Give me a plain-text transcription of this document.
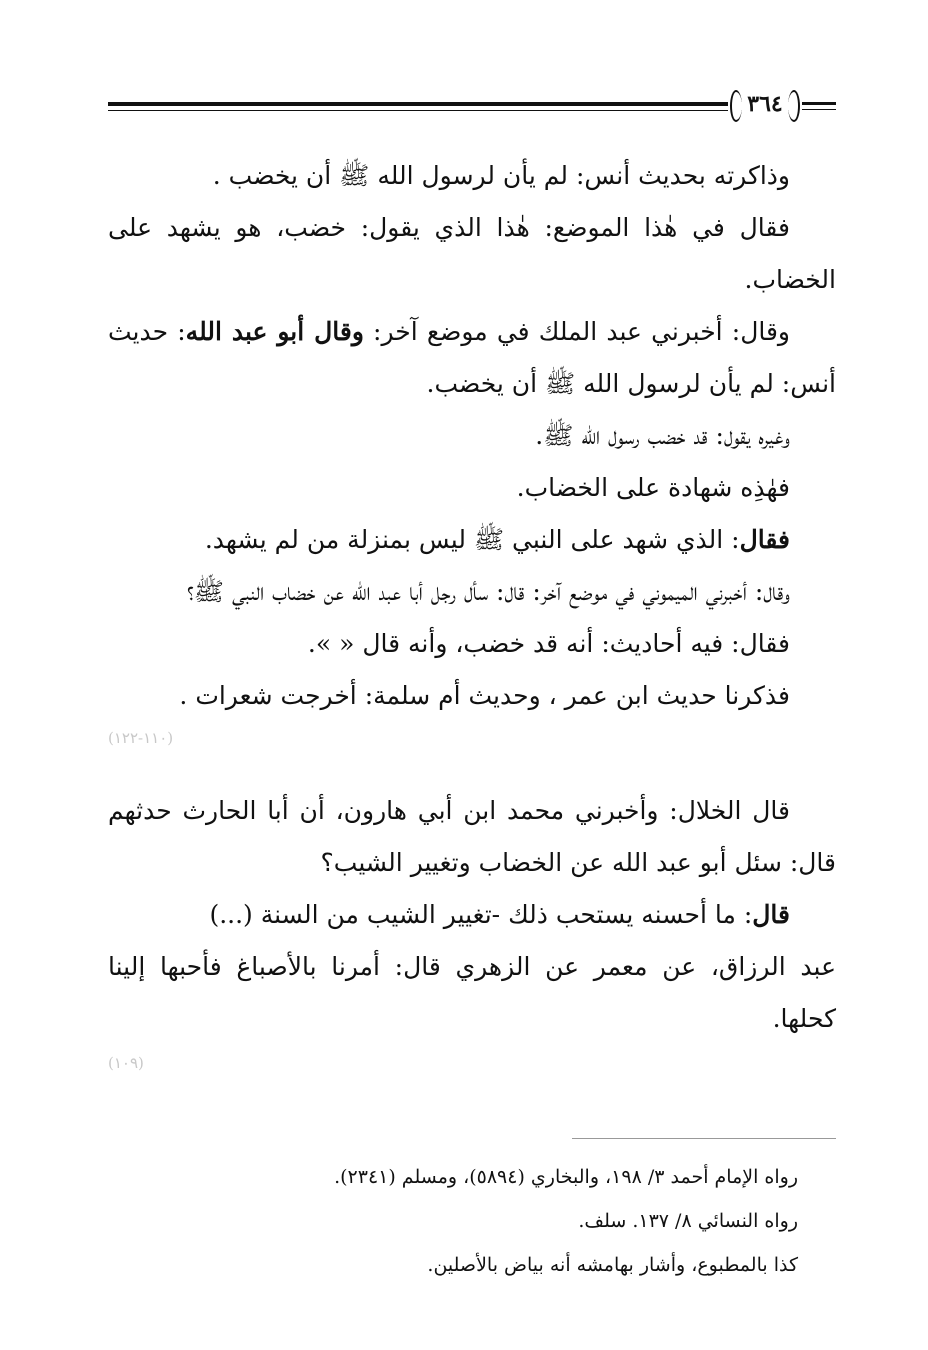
٣٦٤

وذاكرته بحديث أنس: لم يأن لرسول الله ﷺ أن يخضب .

فقال في هٰذا الموضع: هٰذا الذي يقول: خضب، هو يشهد على الخضاب.

وقال: أخبرني عبد الملك في موضع آخر: وقال أبو عبد الله: حديث أنس: لم يأن لرسول الله ﷺ أن يخضب.

وغيره يقول: قد خضب رسول الله ﷺ.

فهٰذِه شهادة على الخضاب.

فقال: الذي شهد على النبي ﷺ ليس بمنزلة من لم يشهد.

وقال: أخبرني الميموني في موضع آخر: قال: سأل رجل أبا عبد الله عن خضاب النبي ﷺ؟

فقال: فيه أحاديث: أنه قد خضب، وأنه قال « ».

فذكرنا حديث ابن عمر ، وحديث أم سلمة: أخرجت شعرات .

(١١٠-١٢٢)

قال الخلال: وأخبرني محمد ابن أبي هارون، أن أبا الحارث حدثهم قال: سئل أبو عبد الله عن الخضاب وتغيير الشيب؟

قال: ما أحسنه يستحب ذلك -تغيير الشيب من السنة (...)

عبد الرزاق، عن معمر عن الزهري قال: أمرنا بالأصباغ فأحبها إلينا كحلها.

(١٠٩)

رواه الإمام أحمد ٣/ ١٩٨، والبخاري (٥٨٩٤)، ومسلم (٢٣٤١).

رواه النسائي ٨/ ١٣٧. سلف.

كذا بالمطبوع، وأشار بهامشه أنه بياض بالأصلين.
